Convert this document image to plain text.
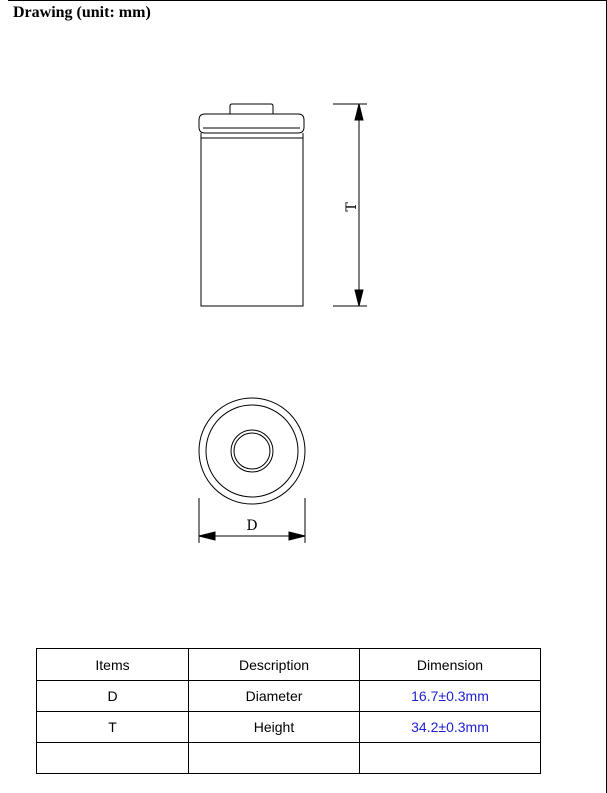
Drawing (unit: mm)
T
D
Items	Description	Dimension
D	Diameter	16.7±0.3mm
T	Height	34.2±0.3mm
